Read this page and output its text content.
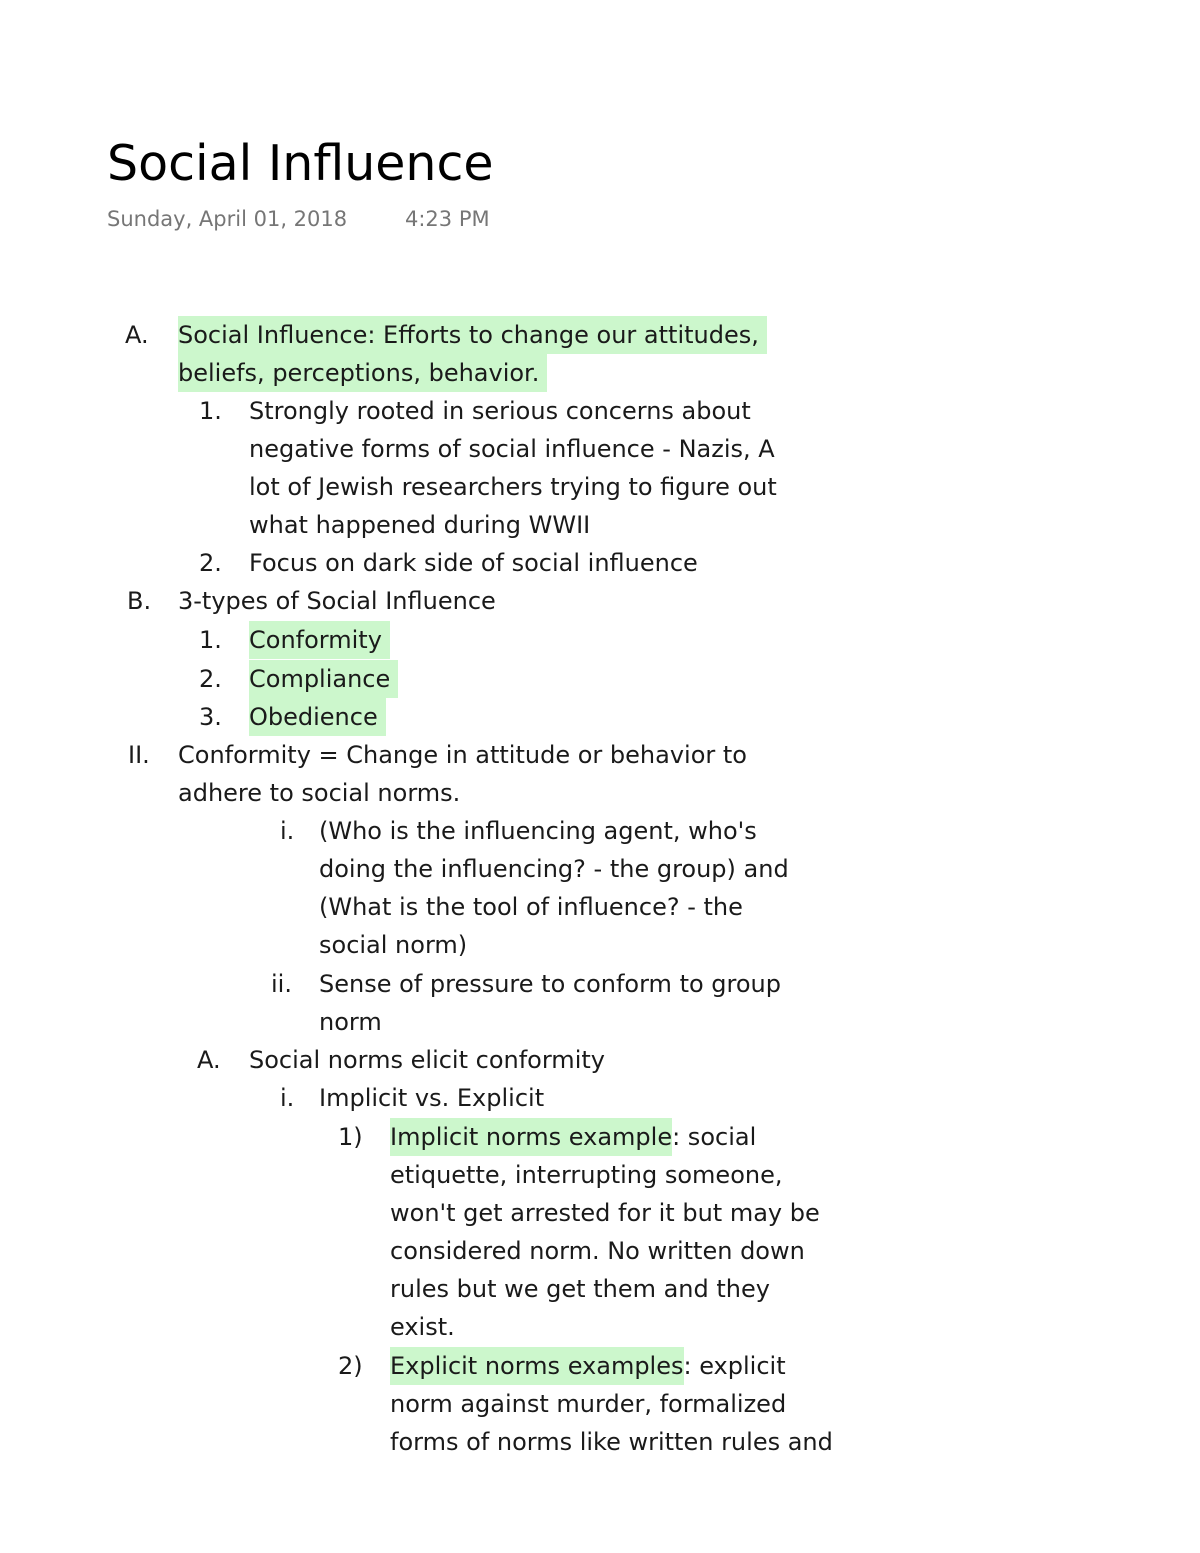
Social Influence
Sunday, April 01, 2018	4:23 PM
A. Social Influence: Efforts to change our attitudes,
beliefs, perceptions, behavior.
1. Strongly rooted in serious concerns about
negative forms of social influence - Nazis, A
lot of Jewish researchers trying to figure out
what happened during WWII
2. Focus on dark side of social influence
B. 3-types of Social Influence
1. Conformity
2. Compliance
3. Obedience
II. Conformity = Change in attitude or behavior to
adhere to social norms.
i. (Who is the influencing agent, who's
doing the influencing? - the group) and
(What is the tool of influence? - the
social norm)
ii. Sense of pressure to conform to group
norm
A. Social norms elicit conformity
i. Implicit vs. Explicit
1) Implicit norms example: social
etiquette, interrupting someone,
won't get arrested for it but may be
considered norm. No written down
rules but we get them and they
exist.
2) Explicit norms examples: explicit
norm against murder, formalized
forms of norms like written rules and
